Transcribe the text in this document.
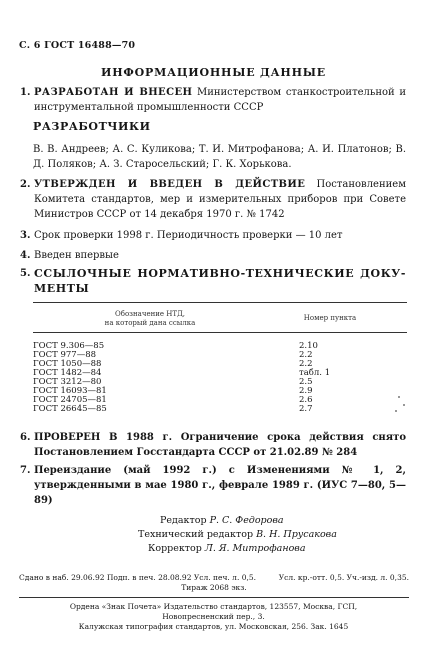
С. 6 ГОСТ 16488—70
ИНФОРМАЦИОННЫЕ ДАННЫЕ
1. РАЗРАБОТАН И ВНЕСЕН Министерством станкостроительной и инструментальной промышленности СССР
РАЗРАБОТЧИКИ
В. В. Андреев; А. С. Куликова; Т. И. Митрофанова; А. И. Платонов; В. Д. Поляков; А. З. Старосельский; Г. К. Хорькова.
2. УТВЕРЖДЕН И ВВЕДЕН В ДЕЙСТВИЕ Постановлением Комитета стандартов, мер и измерительных приборов при Совете Министров СССР от 14 декабря 1970 г. № 1742
3. Срок проверки 1998 г. Периодичность проверки — 10 лет
4. Введен впервые
5. ССЫЛОЧНЫЕ НОРМАТИВНО-ТЕХНИЧЕСКИЕ ДОКУ-
МЕНТЫ
Обозначение НТД,
на который дана ссылка
Номер пункта
ГОСТ 9.306—85	2.10
ГОСТ 977—88	2.2
ГОСТ 1050—88	2.2
ГОСТ 1482—84	табл. 1
ГОСТ 3212—80	2.5
ГОСТ 16093—81	2.9
ГОСТ 24705—81	2.6
ГОСТ 26645—85	2.7
6. ПРОВЕРЕН В 1988 г. Ограничение срока действия снято Постановлением Госстандарта СССР от 21.02.89 № 284
7. Переиздание (май 1992 г.) с Изменениями № 1, 2, утвержденными в мае 1980 г., феврале 1989 г. (ИУС 7—80, 5—89)
Редактор Р. С. Федорова
Технический редактор В. Н. Прусакова
Корректор Л. Я. Митрофанова
Сдано в наб. 29.06.92 Подп. в печ. 28.08.92 Усл. печ. л. 0,5.	Усл. кр.-отт. 0,5. Уч.-изд. л. 0,35.
Тираж 2068 экз.
Ордена «Знак Почета» Издательство стандартов, 123557, Москва, ГСП,
Новопресненский пер., 3.
Калужская типография стандартов, ул. Московская, 256. Зак. 1645
